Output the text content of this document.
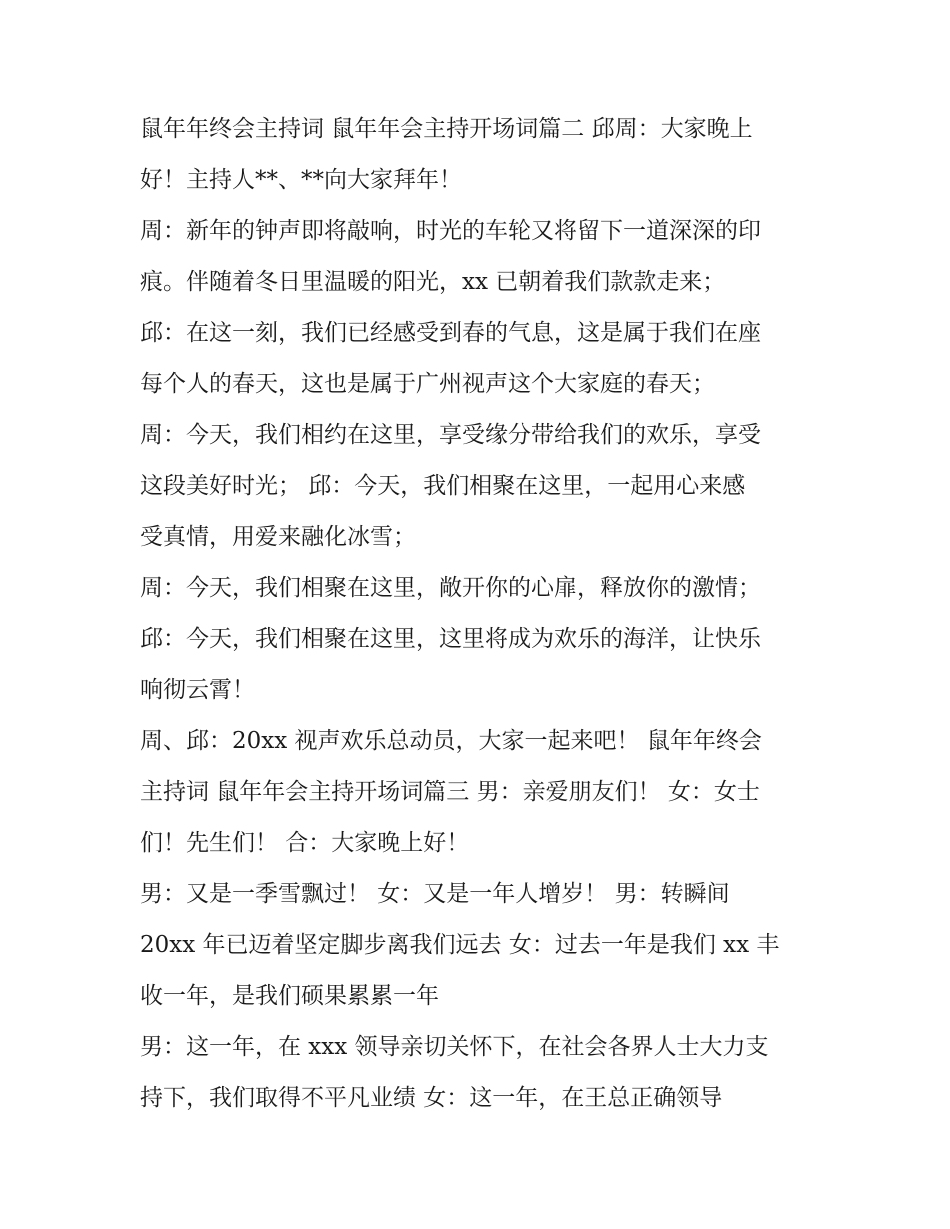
鼠年年终会主持词 鼠年年会主持开场词篇二 邱周：大家晚上
好！主持人**、**向大家拜年！
周：新年的钟声即将敲响，时光的车轮又将留下一道深深的印
痕。伴随着冬日里温暖的阳光，xx 已朝着我们款款走来；
邱：在这一刻，我们已经感受到春的气息，这是属于我们在座
每个人的春天，这也是属于广州视声这个大家庭的春天；
周：今天，我们相约在这里，享受缘分带给我们的欢乐，享受
这段美好时光； 邱：今天，我们相聚在这里，一起用心来感
受真情，用爱来融化冰雪；
周：今天，我们相聚在这里，敞开你的心扉，释放你的激情；
邱：今天，我们相聚在这里，这里将成为欢乐的海洋，让快乐
响彻云霄！
周、邱：20xx 视声欢乐总动员，大家一起来吧！ 鼠年年终会
主持词 鼠年年会主持开场词篇三 男：亲爱朋友们！ 女：女士
们！先生们！ 合：大家晚上好！
男：又是一季雪飘过！ 女：又是一年人增岁！ 男：转瞬间
20xx 年已迈着坚定脚步离我们远去 女：过去一年是我们 xx 丰
收一年，是我们硕果累累一年
男：这一年，在 xxx 领导亲切关怀下，在社会各界人士大力支
持下，我们取得不平凡业绩 女：这一年，在王总正确领导
